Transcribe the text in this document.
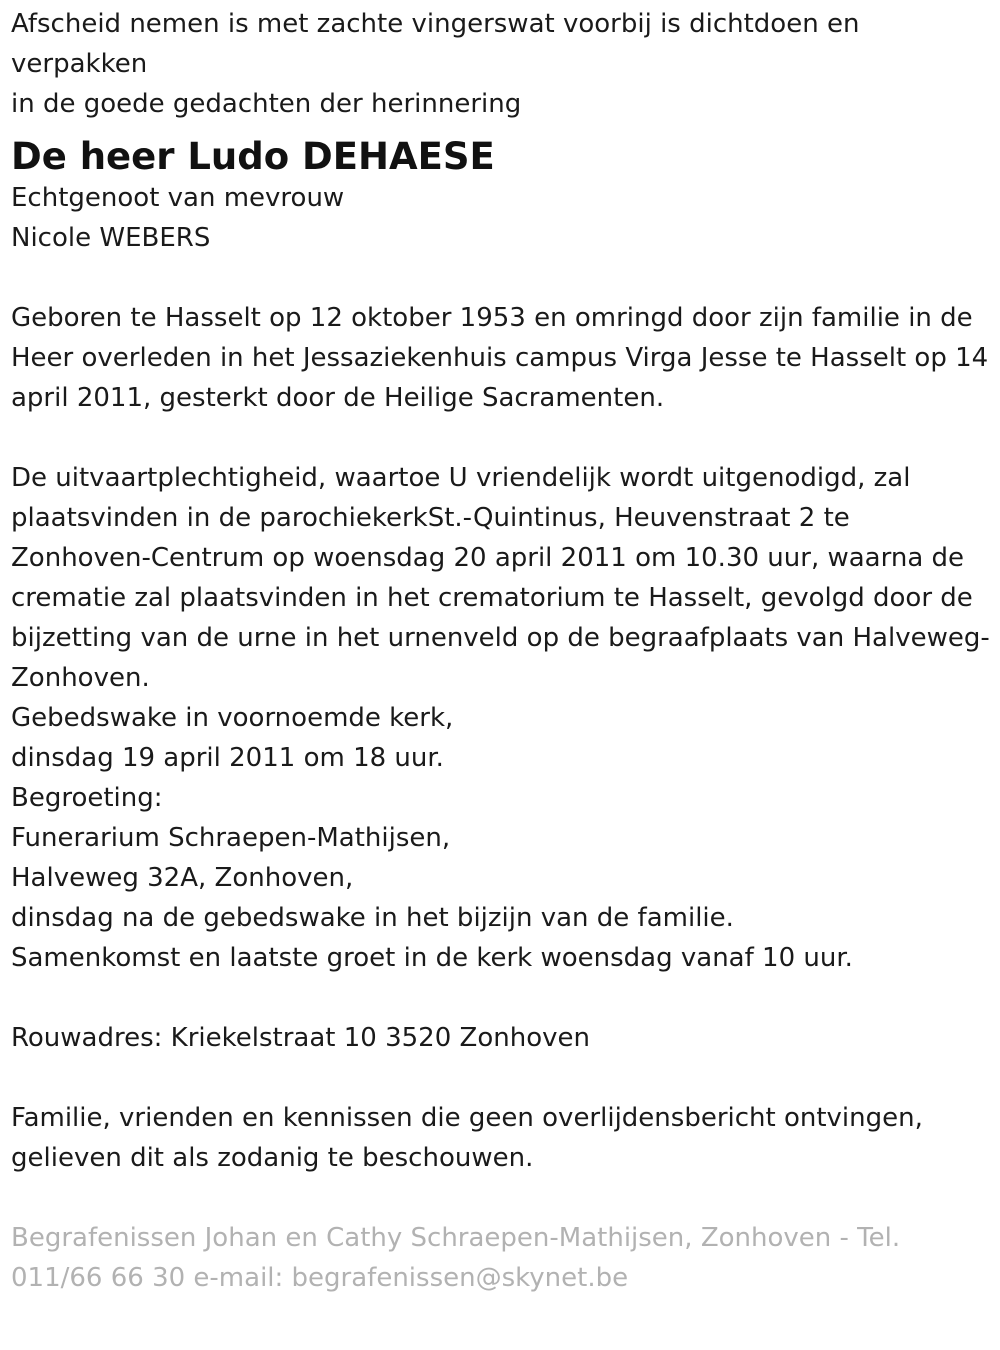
Afscheid nemen is met zachte vingerswat voorbij is dichtdoen en
verpakken
in de goede gedachten der herinnering
De heer Ludo DEHAESE
Echtgenoot van mevrouw
Nicole WEBERS
Geboren te Hasselt op 12 oktober 1953 en omringd door zijn familie in de Heer overleden in het Jessaziekenhuis campus Virga Jesse te Hasselt op 14 april 2011, gesterkt door de Heilige Sacramenten.
De uitvaartplechtigheid, waartoe U vriendelijk wordt uitgenodigd, zal plaatsvinden in de parochiekerkSt.-Quintinus, Heuvenstraat 2 te Zonhoven-Centrum op woensdag 20 april 2011 om 10.30 uur, waarna de crematie zal plaatsvinden in het crematorium te Hasselt, gevolgd door de bijzetting van de urne in het urnenveld op de begraafplaats van Halveweg-Zonhoven.
Gebedswake in voornoemde kerk,
dinsdag 19 april 2011 om 18 uur.
Begroeting:
Funerarium Schraepen-Mathijsen,
Halveweg 32A, Zonhoven,
dinsdag na de gebedswake in het bijzijn van de familie.
Samenkomst en laatste groet in de kerk woensdag vanaf 10 uur.
Rouwadres: Kriekelstraat 10 3520 Zonhoven
Familie, vrienden en kennissen die geen overlijdensbericht ontvingen, gelieven dit als zodanig te beschouwen.
Begrafenissen Johan en Cathy Schraepen-Mathijsen, Zonhoven - Tel.
011/66 66 30 e-mail: begrafenissen@skynet.be
